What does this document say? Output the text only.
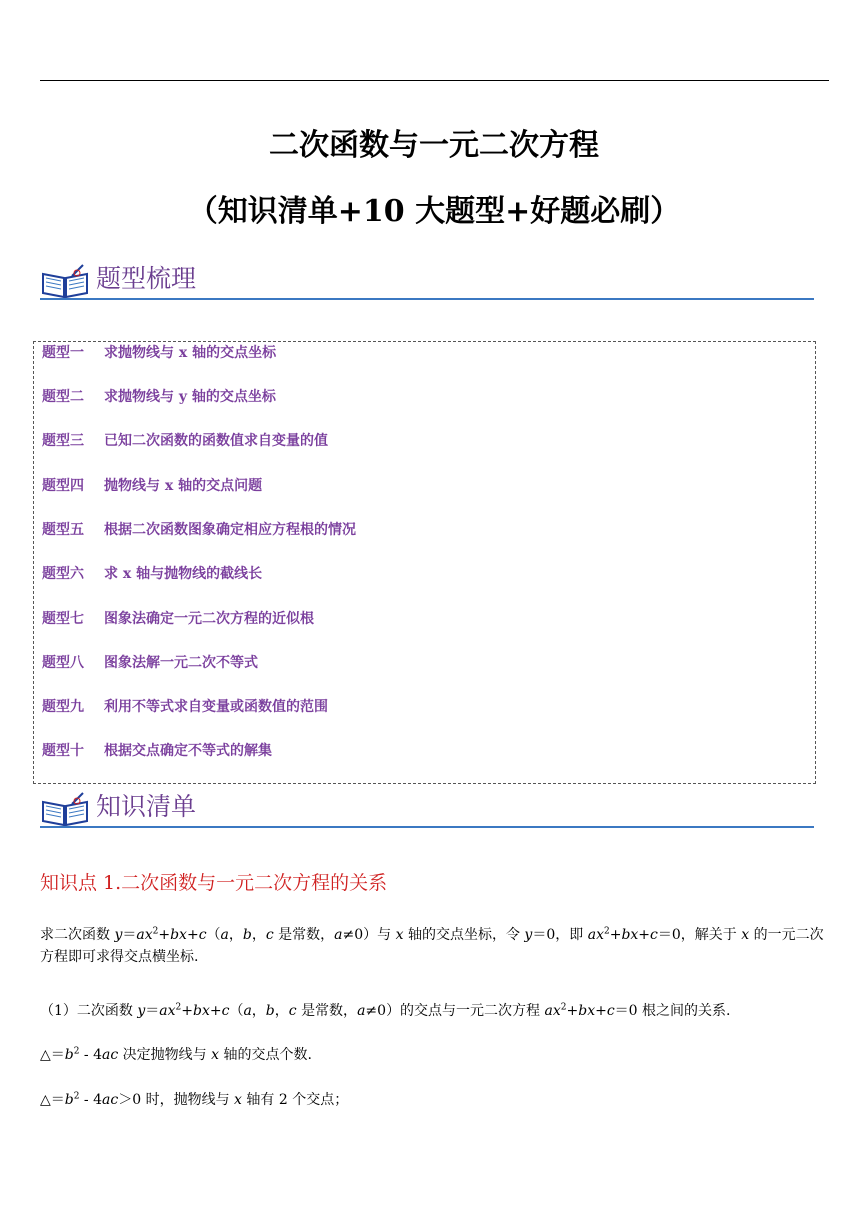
二次函数与一元二次方程
（知识清单+10 大题型+好题必刷）
题型梳理
题型一 求抛物线与 x 轴的交点坐标
题型二 求抛物线与 y 轴的交点坐标
题型三 已知二次函数的函数值求自变量的值
题型四 抛物线与 x 轴的交点问题
题型五 根据二次函数图象确定相应方程根的情况
题型六 求 x 轴与抛物线的截线长
题型七 图象法确定一元二次方程的近似根
题型八 图象法解一元二次不等式
题型九 利用不等式求自变量或函数值的范围
题型十 根据交点确定不等式的解集
知识清单
知识点 1.二次函数与一元二次方程的关系
求二次函数 $y=ax^2+bx+c(a$，b，c 是常数，a≠0）与 x 轴的交点坐标，令 y＝0，即 $ax^2+bx+c=0$，解关于 x 的一元二次方程即可求得交点横坐标.
（1）二次函数 $y=ax^2+bx+c(a$，b，c 是常数，a≠0）的交点与一元二次方程 $ax^2+bx+c=0$ 根之间的关系.
$\triangle=b^2 - 4ac$ 决定抛物线与 x 轴的交点个数.
$\triangle=b^2 - 4ac>0$ 时，抛物线与 x 轴有 2 个交点；
